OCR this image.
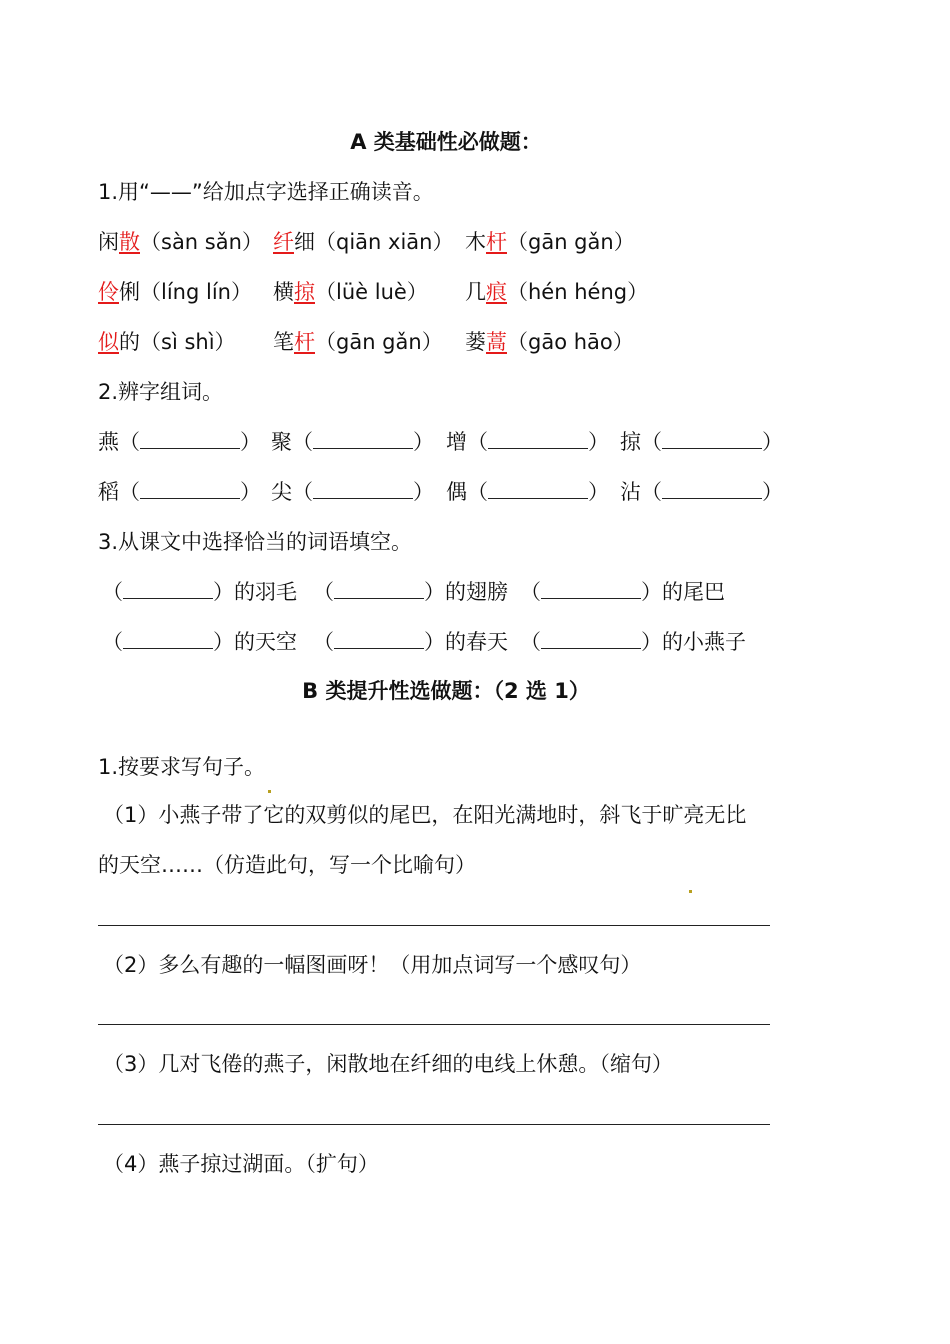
A 类基础性必做题：
1.用“——”给加点字选择正确读音。
闲散（sàn sǎn） 纤细（qiān xiān） 木杆（gān gǎn）
伶俐（líng lín） 横掠（lüè luè） 几痕（hén héng）
似的（sì shì） 笔杆（gān gǎn） 蒌蒿（gāo hāo）
2.辨字组词。
燕（	） 聚（	） 增（	） 掠（	）
稻（	） 尖（	） 偶（	） 沾（	）
3.从课文中选择恰当的词语填空。
（	）的羽毛 （	）的翅膀 （	）的尾巴
（	）的天空 （	）的春天 （	）的小燕子
B 类提升性选做题：（2 选 1）
1.按要求写句子。
（1）小燕子带了它的双剪似的尾巴，在阳光满地时，斜飞于旷亮无比
的天空……（仿造此句，写一个比喻句）
（2）多么有趣的一幅图画呀！（用加点词写一个感叹句）
（3）几对飞倦的燕子，闲散地在纤细的电线上休憩。（缩句）
（4）燕子掠过湖面。（扩句）
